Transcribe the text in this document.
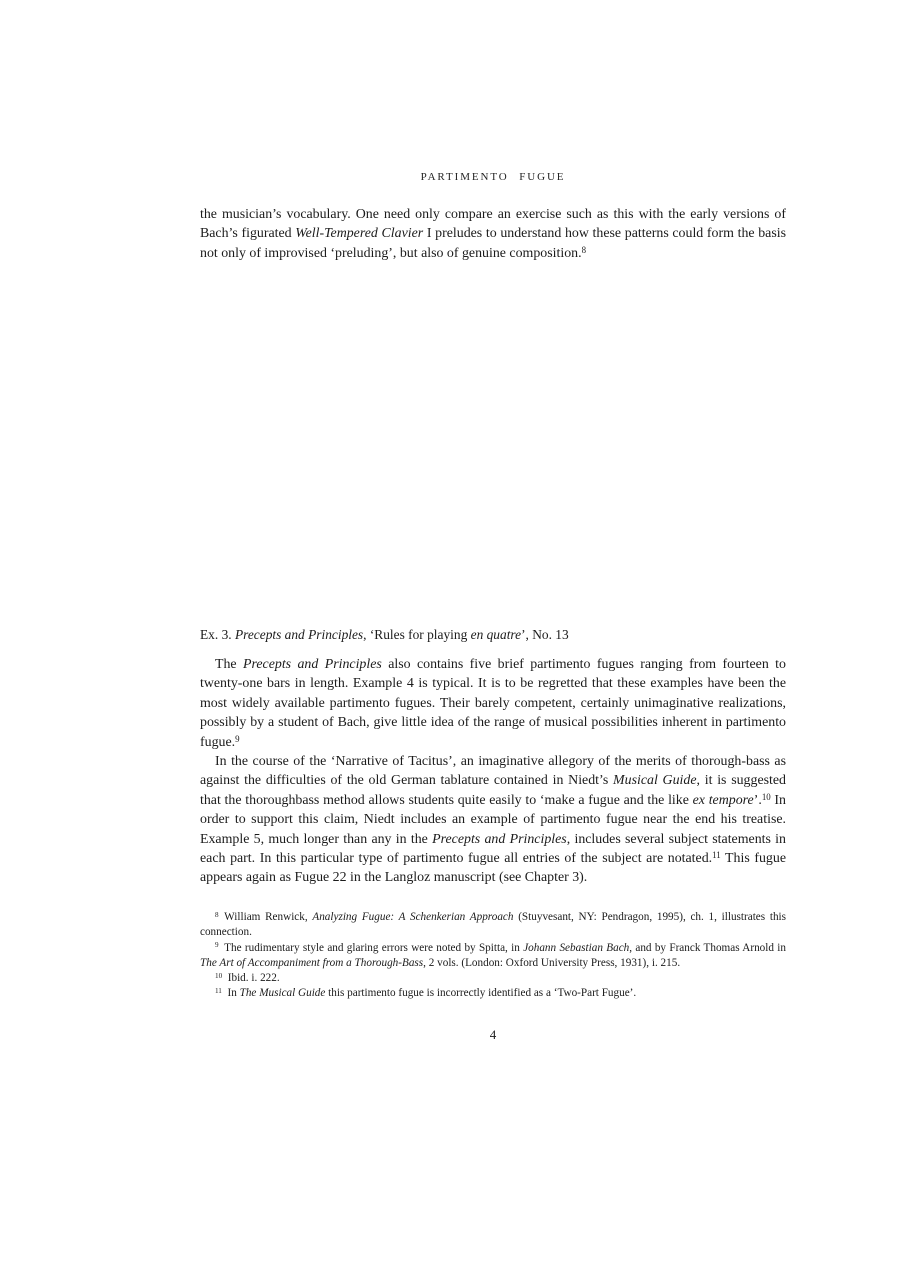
PARTIMENTO FUGUE

the musician’s vocabulary. One need only compare an exercise such as this with the early versions of Bach’s figurated Well-Tempered Clavier I preludes to understand how these patterns could form the basis not only of improvised ‘preluding’, but also of genuine composition.$^8$

Ex. 3. Precepts and Principles, ‘Rules for playing en quatre’, No. 13

The Precepts and Principles also contains five brief partimento fugues ranging from fourteen to twenty-one bars in length. Example 4 is typical. It is to be regretted that these examples have been the most widely available partimento fugues. Their barely competent, certainly unimaginative realizations, possibly by a student of Bach, give little idea of the range of musical possibilities inherent in partimento fugue.$^9$

In the course of the ‘Narrative of Tacitus’, an imaginative allegory of the merits of thorough-bass as against the difficulties of the old German tablature contained in Niedt’s Musical Guide, it is suggested that the thoroughbass method allows students quite easily to ‘make a fugue and the like ex tempore’.$^{10}$ In order to support this claim, Niedt includes an example of partimento fugue near the end his treatise. Example 5, much longer than any in the Precepts and Principles, includes several subject statements in each part. In this particular type of partimento fugue all entries of the subject are notated.$^{11}$ This fugue appears again as Fugue 22 in the Langloz manuscript (see Chapter 3).

$^8$ William Renwick, Analyzing Fugue: A Schenkerian Approach (Stuyvesant, NY: Pendragon, 1995), ch. 1, illustrates this connection.

$^9$ The rudimentary style and glaring errors were noted by Spitta, in Johann Sebastian Bach, and by Franck Thomas Arnold in The Art of Accompaniment from a Thorough-Bass, 2 vols. (London: Oxford University Press, 1931), i. 215.

$^{10}$ Ibid. i. 222.

$^{11}$ In The Musical Guide this partimento fugue is incorrectly identified as a ‘Two-Part Fugue’.

4
